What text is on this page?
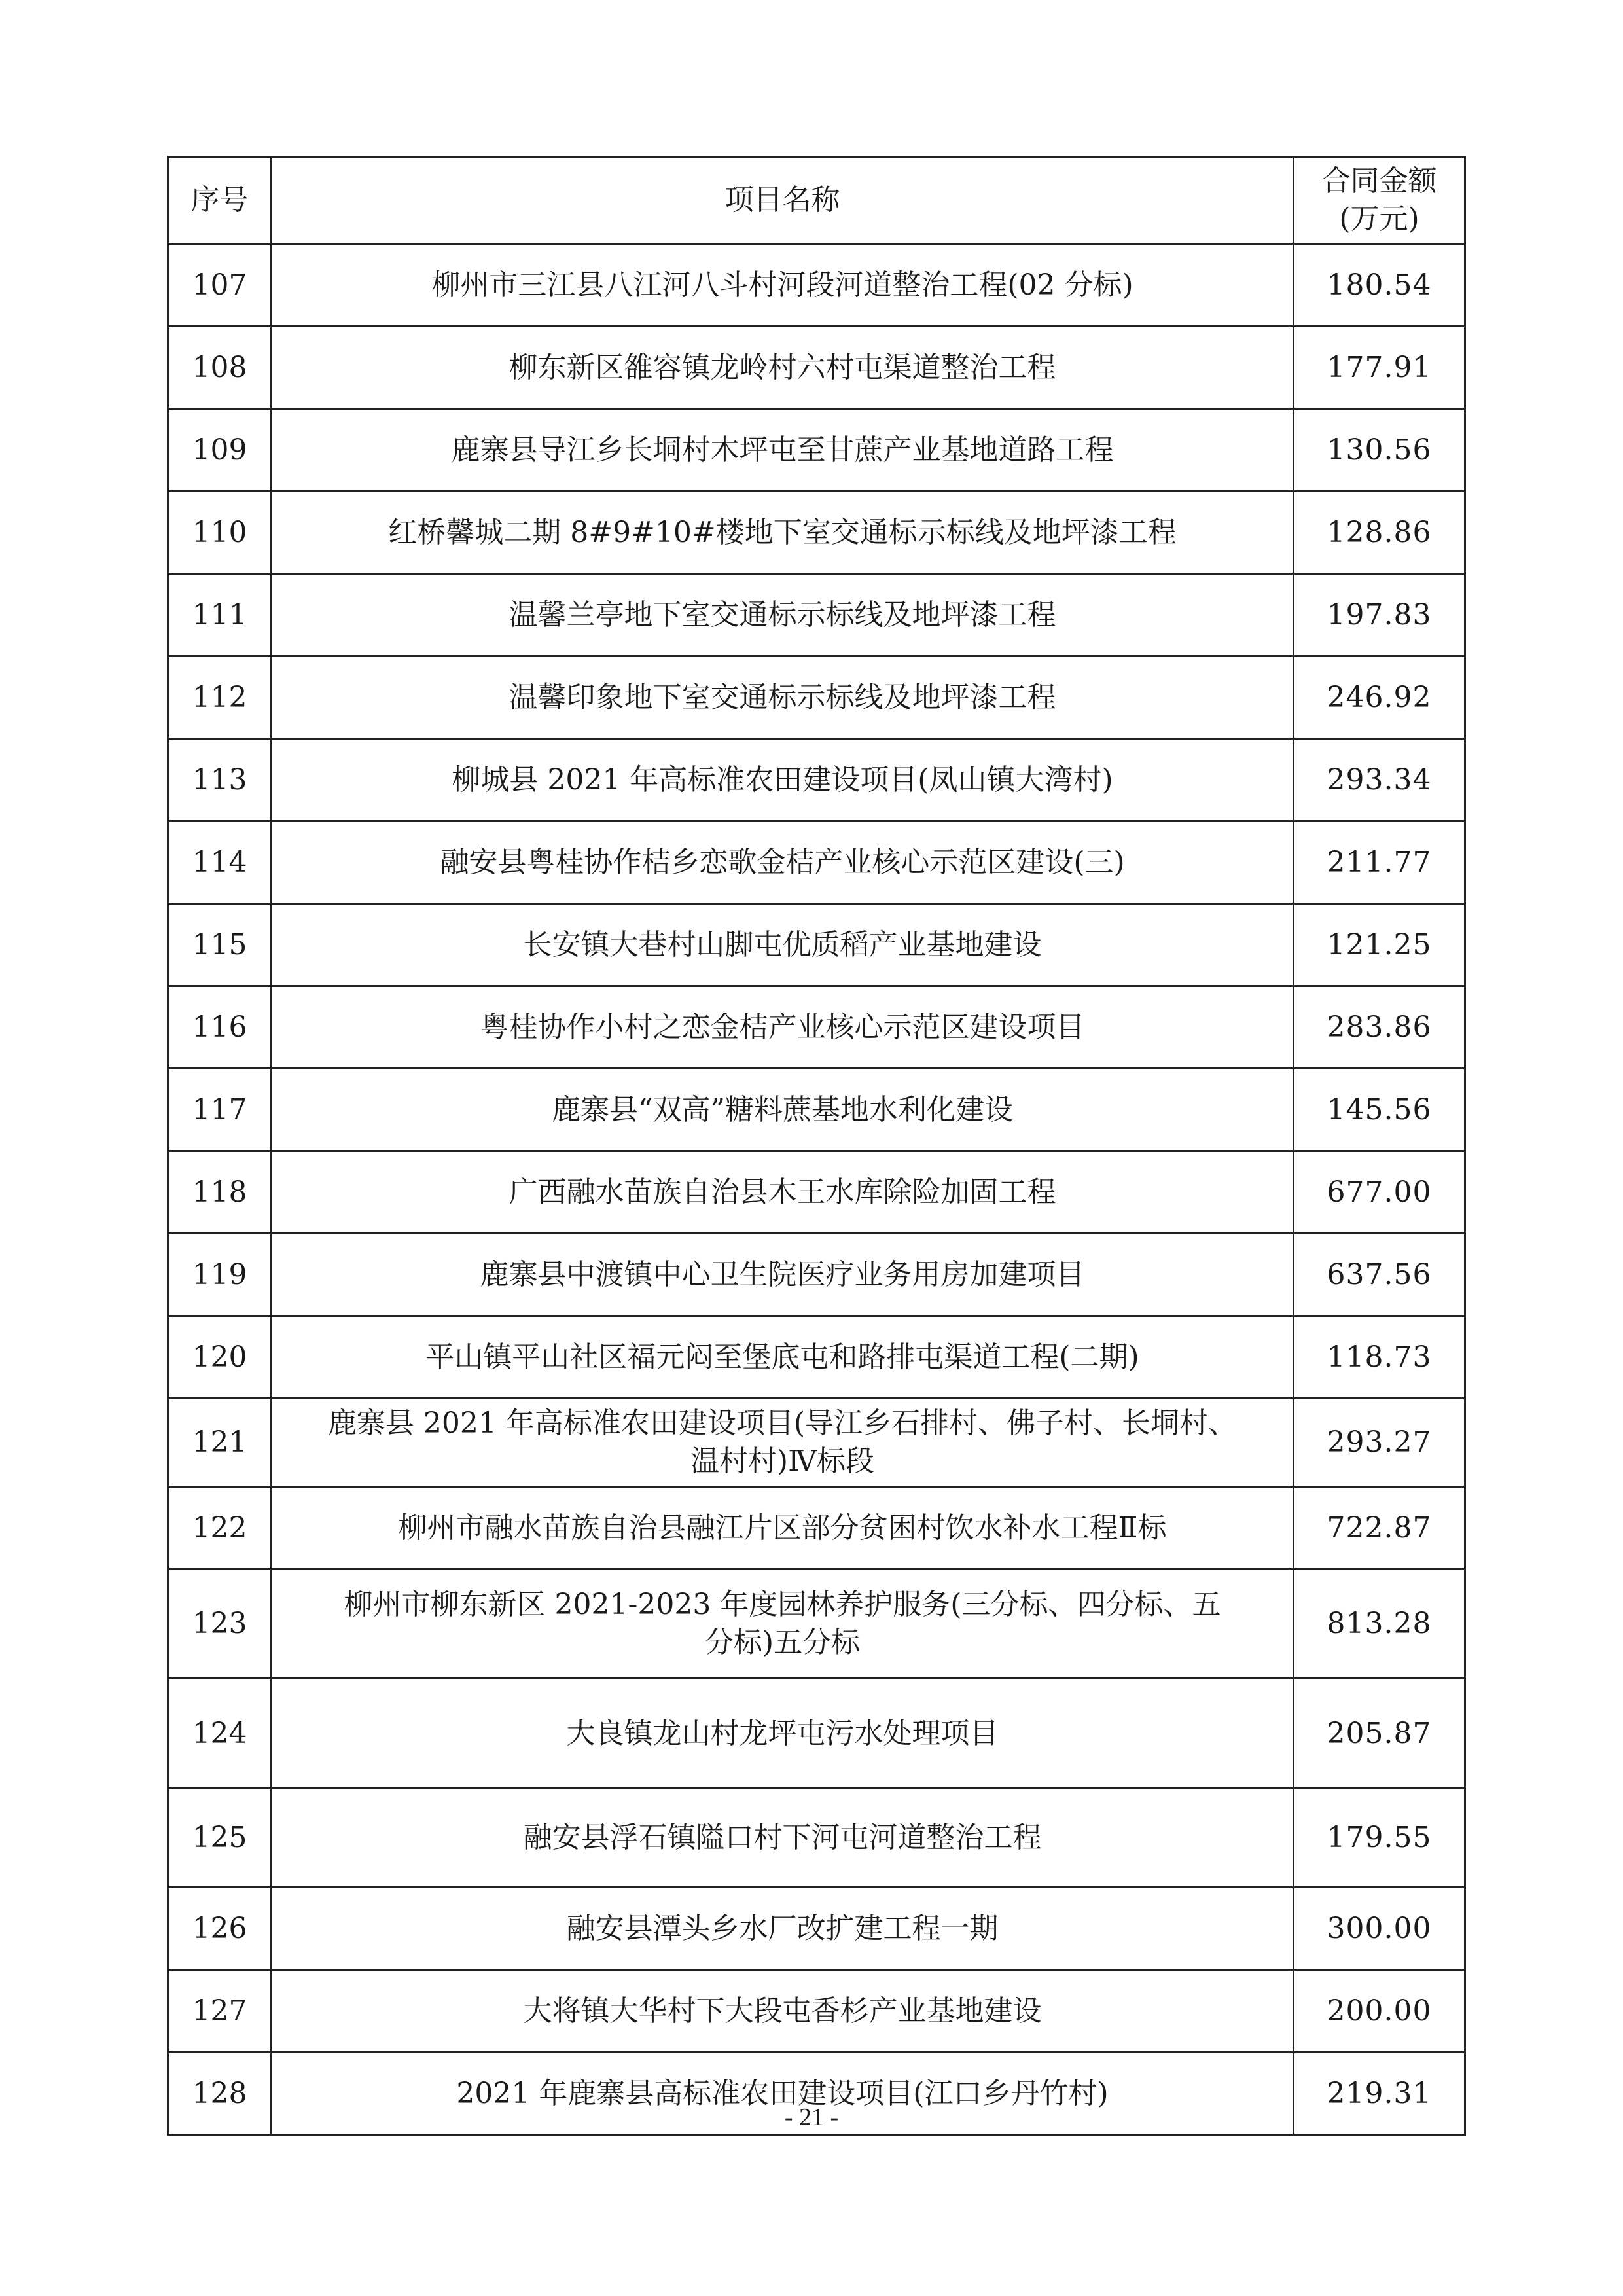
序号	项目名称	合同金额
(万元)

107	柳州市三江县八江河八斗村河段河道整治工程(02 分标)	180.54
108	柳东新区雒容镇龙岭村六村屯渠道整治工程	177.91
109	鹿寨县导江乡长垌村木坪屯至甘蔗产业基地道路工程	130.56
110	红桥馨城二期 8#9#10#楼地下室交通标示标线及地坪漆工程	128.86
111	温馨兰亭地下室交通标示标线及地坪漆工程	197.83
112	温馨印象地下室交通标示标线及地坪漆工程	246.92
113	柳城县 2021 年高标准农田建设项目(凤山镇大湾村)	293.34
114	融安县粤桂协作桔乡恋歌金桔产业核心示范区建设(三)	211.77
115	长安镇大巷村山脚屯优质稻产业基地建设	121.25
116	粤桂协作小村之恋金桔产业核心示范区建设项目	283.86
117	鹿寨县“双高”糖料蔗基地水利化建设	145.56
118	广西融水苗族自治县木王水库除险加固工程	677.00
119	鹿寨县中渡镇中心卫生院医疗业务用房加建项目	637.56
120	平山镇平山社区福元闷至堡底屯和路排屯渠道工程(二期)	118.73
121	鹿寨县 2021 年高标准农田建设项目(导江乡石排村、佛子村、长垌村、
温村村)Ⅳ标段	293.27
122	柳州市融水苗族自治县融江片区部分贫困村饮水补水工程Ⅱ标	722.87
123	柳州市柳东新区 2021-2023 年度园林养护服务(三分标、四分标、五
分标)五分标	813.28
124	大良镇龙山村龙坪屯污水处理项目	205.87
125	融安县浮石镇隘口村下河屯河道整治工程	179.55
126	融安县潭头乡水厂改扩建工程一期	300.00
127	大将镇大华村下大段屯香杉产业基地建设	200.00
128	2021 年鹿寨县高标准农田建设项目(江口乡丹竹村)	219.31
- 21 -
